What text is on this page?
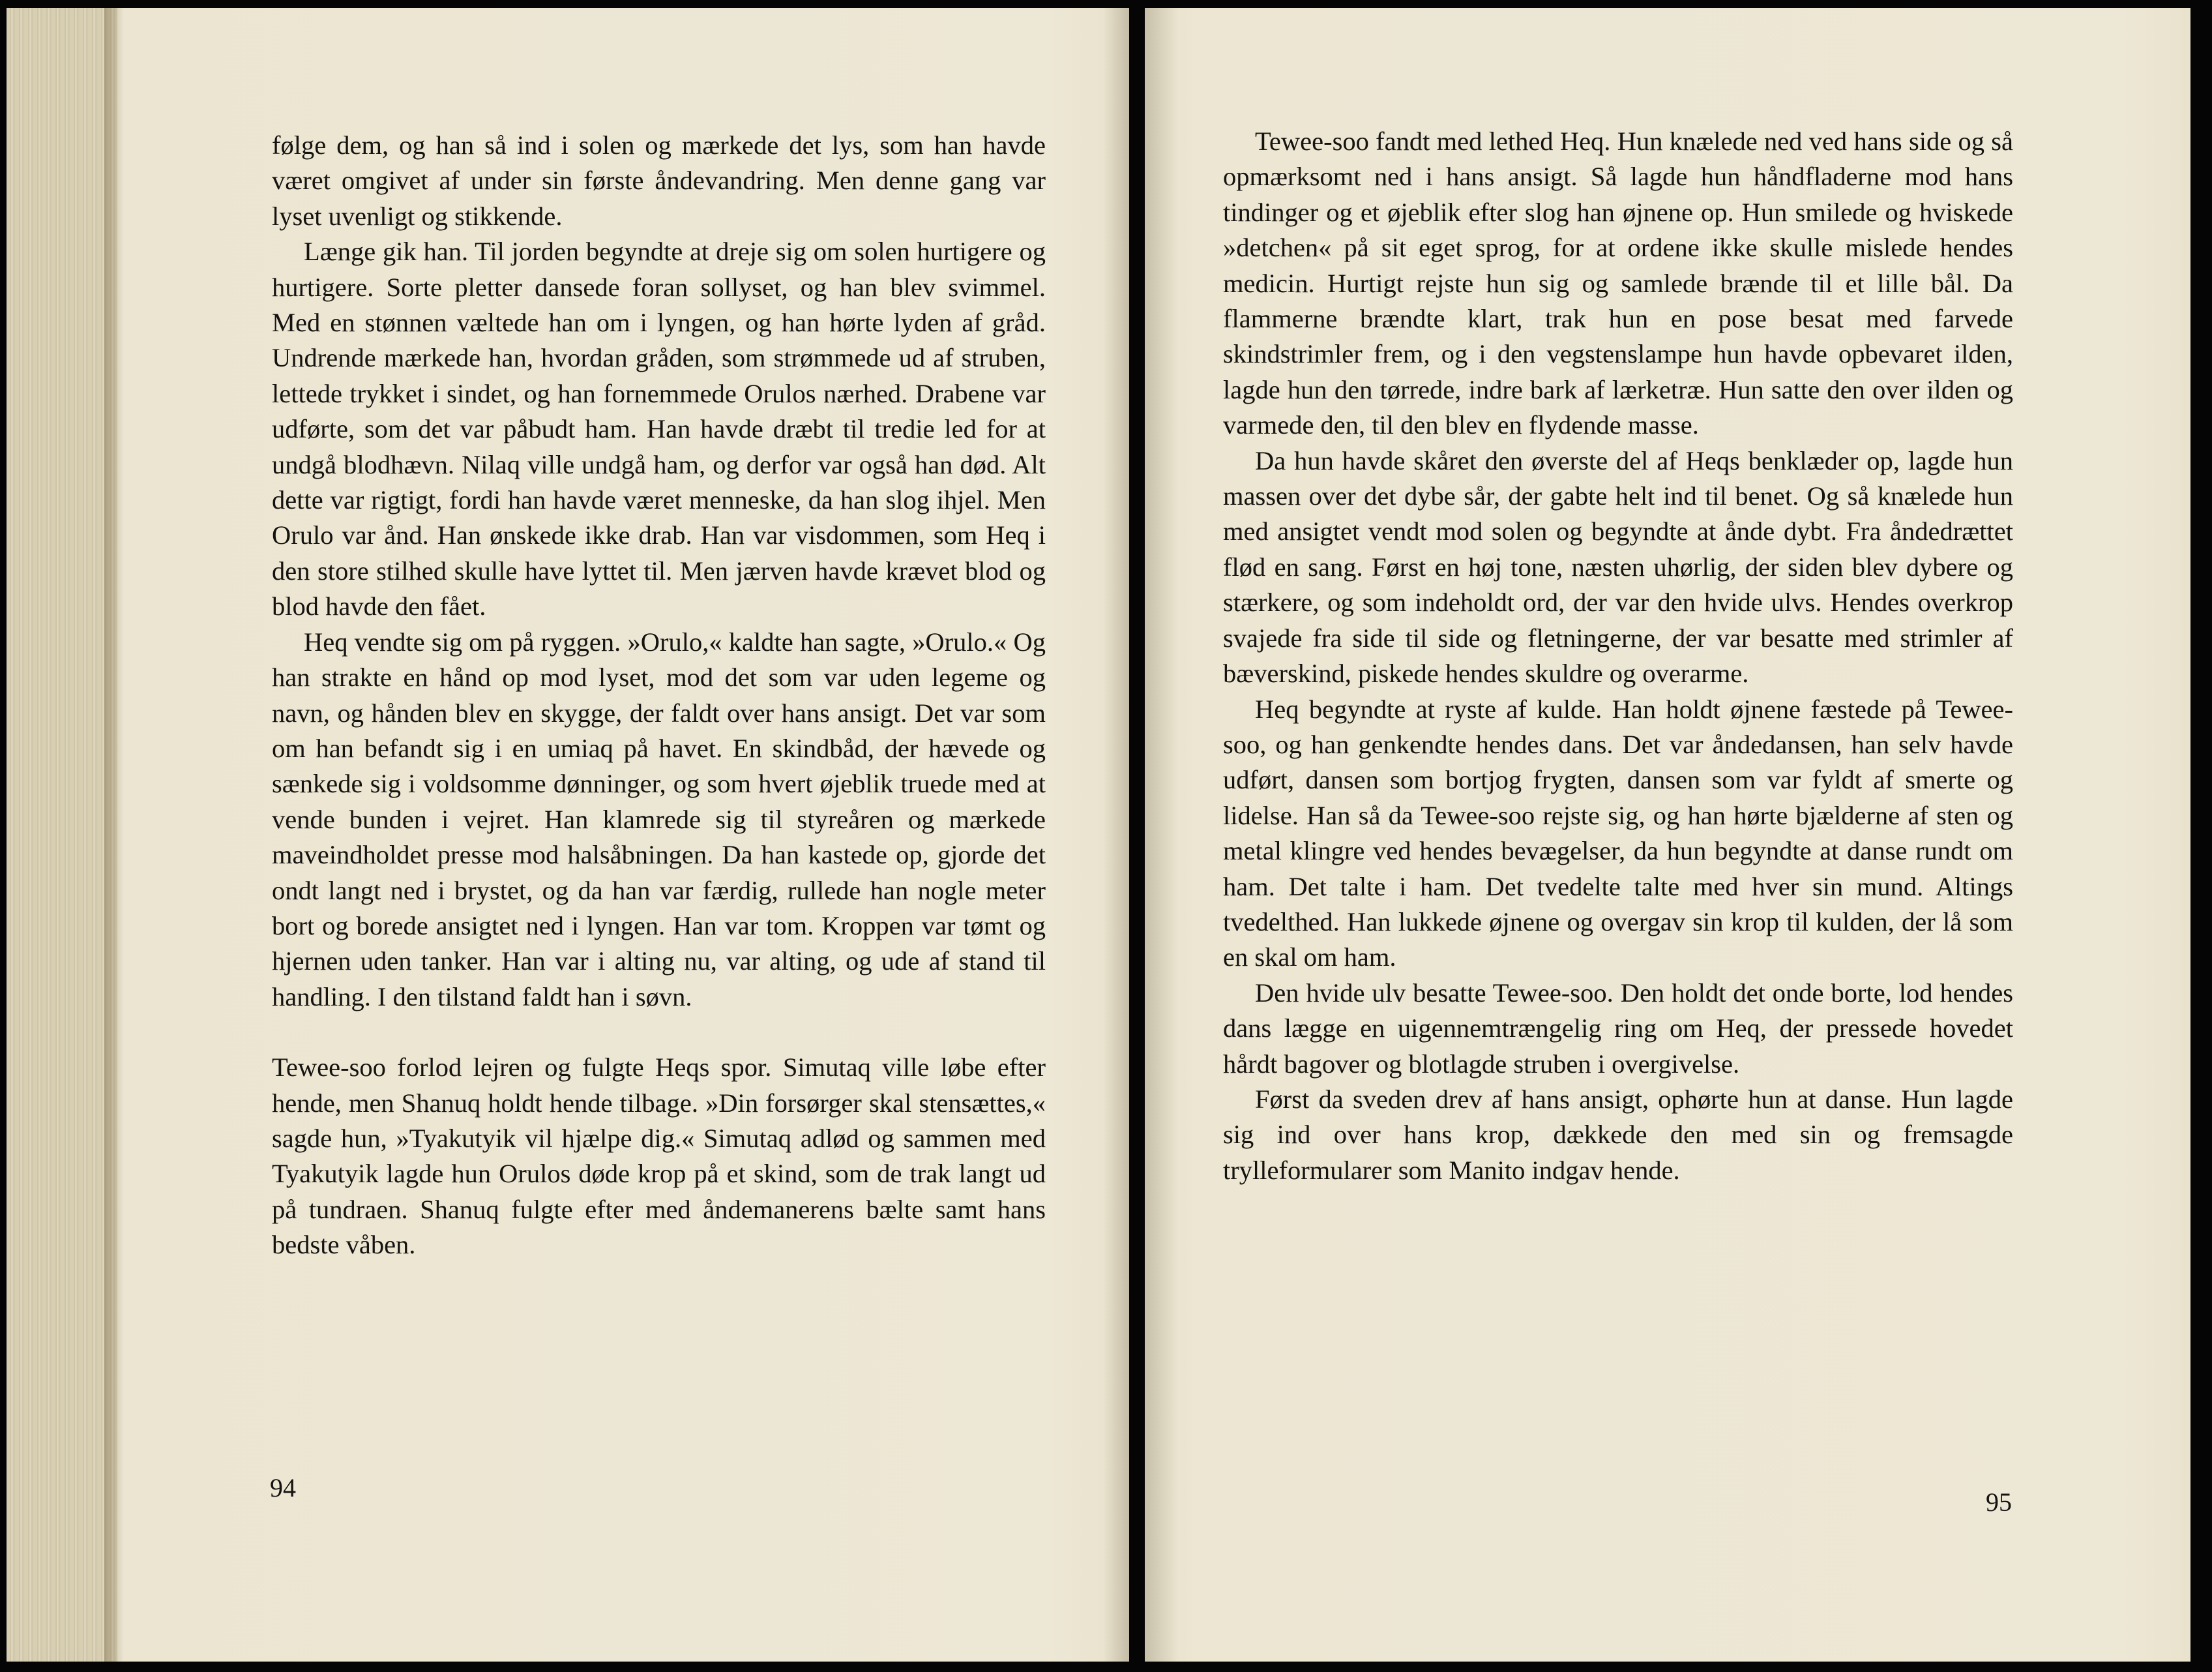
følge dem, og han så ind i solen og mærkede det lys, som han havde været omgivet af under sin første åndevandring. Men denne gang var lyset uvenligt og stikkende.

Længe gik han. Til jorden begyndte at dreje sig om solen hurtigere og hurtigere. Sorte pletter dansede foran sollyset, og han blev svimmel. Med en stønnen væltede han om i lyngen, og han hørte lyden af gråd. Undrende mærkede han, hvordan gråden, som strømmede ud af struben, lettede trykket i sindet, og han fornemmede Orulos nærhed. Drabene var udførte, som det var påbudt ham. Han havde dræbt til tredie led for at undgå blodhævn. Nilaq ville undgå ham, og derfor var også han død. Alt dette var rigtigt, fordi han havde været menneske, da han slog ihjel. Men Orulo var ånd. Han ønskede ikke drab. Han var visdommen, som Heq i den store stilhed skulle have lyttet til. Men jærven havde krævet blod og blod havde den fået.

Heq vendte sig om på ryggen. »Orulo,« kaldte han sagte, »Orulo.« Og han strakte en hånd op mod lyset, mod det som var uden legeme og navn, og hånden blev en skygge, der faldt over hans ansigt. Det var som om han befandt sig i en umiaq på havet. En skindbåd, der hævede og sænkede sig i voldsomme dønninger, og som hvert øjeblik truede med at vende bunden i vejret. Han klamrede sig til styreåren og mærkede maveindholdet presse mod halsåbningen. Da han kastede op, gjorde det ondt langt ned i brystet, og da han var færdig, rullede han nogle meter bort og borede ansigtet ned i lyngen. Han var tom. Kroppen var tømt og hjernen uden tanker. Han var i alting nu, var alting, og ude af stand til handling. I den tilstand faldt han i søvn.

Tewee-soo forlod lejren og fulgte Heqs spor. Simutaq ville løbe efter hende, men Shanuq holdt hende tilbage. »Din forsørger skal stensættes,« sagde hun, »Tyakutyik vil hjælpe dig.« Simutaq adlød og sammen med Tyakutyik lagde hun Orulos døde krop på et skind, som de trak langt ud på tundraen. Shanuq fulgte efter med åndemanerens bælte samt hans bedste våben.

94

Tewee-soo fandt med lethed Heq. Hun knælede ned ved hans side og så opmærksomt ned i hans ansigt. Så lagde hun håndfladerne mod hans tindinger og et øjeblik efter slog han øjnene op. Hun smilede og hviskede »detchen« på sit eget sprog, for at ordene ikke skulle mislede hendes medicin. Hurtigt rejste hun sig og samlede brænde til et lille bål. Da flammerne brændte klart, trak hun en pose besat med farvede skindstrimler frem, og i den vegstenslampe hun havde opbevaret ilden, lagde hun den tørrede, indre bark af lærketræ. Hun satte den over ilden og varmede den, til den blev en flydende masse.

Da hun havde skåret den øverste del af Heqs benklæder op, lagde hun massen over det dybe sår, der gabte helt ind til benet. Og så knælede hun med ansigtet vendt mod solen og begyndte at ånde dybt. Fra åndedrættet flød en sang. Først en høj tone, næsten uhørlig, der siden blev dybere og stærkere, og som indeholdt ord, der var den hvide ulvs. Hendes overkrop svajede fra side til side og fletningerne, der var besatte med strimler af bæverskind, piskede hendes skuldre og overarme.

Heq begyndte at ryste af kulde. Han holdt øjnene fæstede på Tewee-soo, og han genkendte hendes dans. Det var åndedansen, han selv havde udført, dansen som bortjog frygten, dansen som var fyldt af smerte og lidelse. Han så da Tewee-soo rejste sig, og han hørte bjælderne af sten og metal klingre ved hendes bevægelser, da hun begyndte at danse rundt om ham. Det talte i ham. Det tvedelte talte med hver sin mund. Altings tvedelthed. Han lukkede øjnene og overgav sin krop til kulden, der lå som en skal om ham.

Den hvide ulv besatte Tewee-soo. Den holdt det onde borte, lod hendes dans lægge en uigennemtrængelig ring om Heq, der pressede hovedet hårdt bagover og blotlagde struben i overgivelse.

Først da sveden drev af hans ansigt, ophørte hun at danse. Hun lagde sig ind over hans krop, dækkede den med sin og fremsagde trylleformularer som Manito indgav hende.

95
